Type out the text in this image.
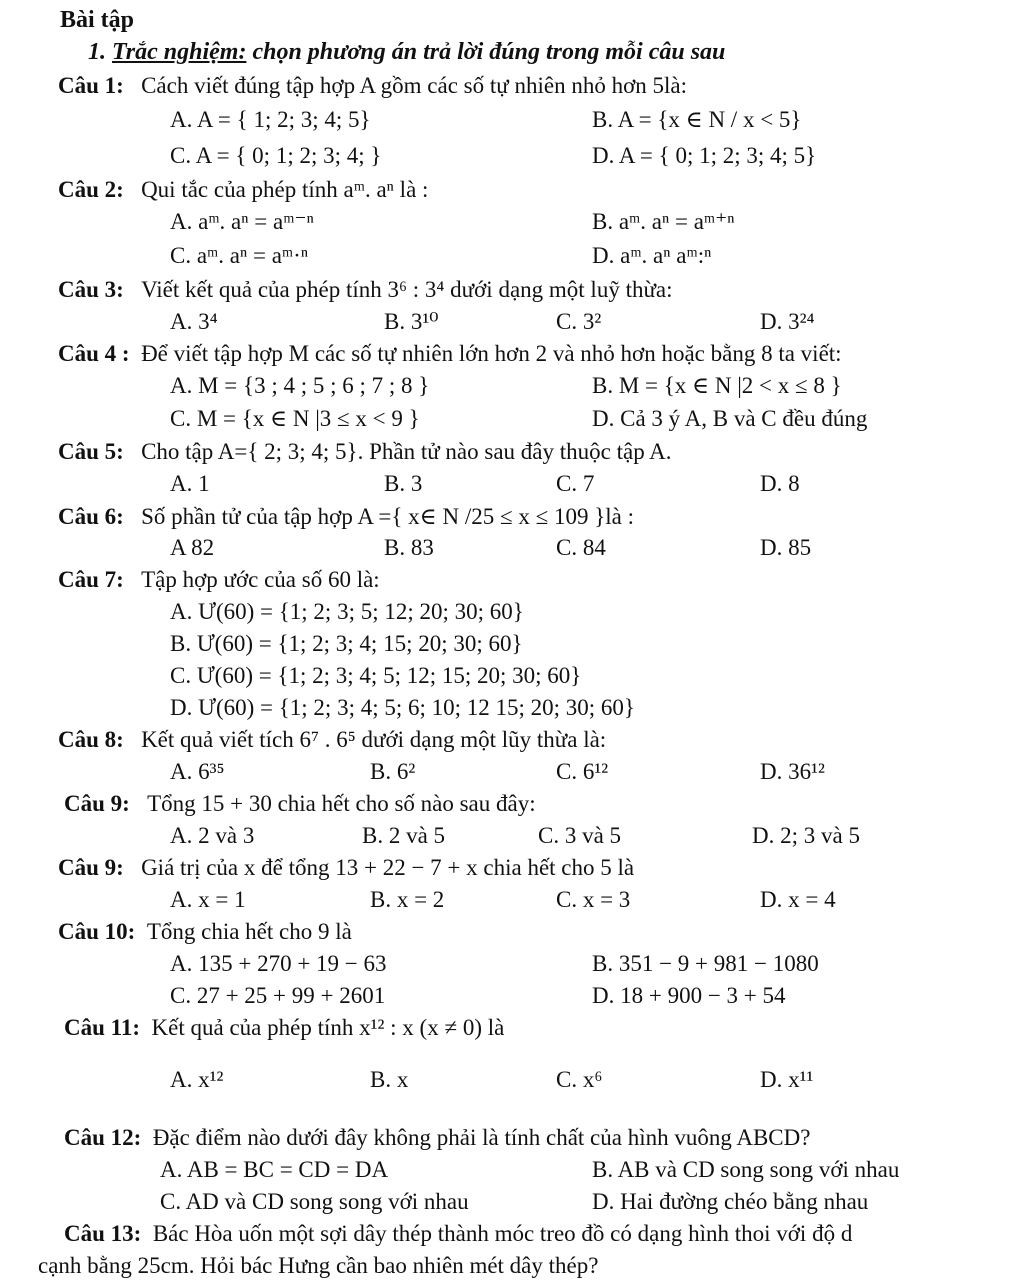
Bài tập
1. Trắc nghiệm: chọn phương án trả lời đúng trong mỗi câu sau
Câu 1: Cách viết đúng tập hợp A gồm các số tự nhiên nhỏ hơn 5là:
A. A = { 1; 2; 3; 4; 5}	B. A = {x ∈ N / x < 5}
C. A = { 0; 1; 2; 3; 4; }	D. A = { 0; 1; 2; 3; 4; 5}
Câu 2: Qui tắc của phép tính aᵐ. aⁿ là :
A. aᵐ. aⁿ = aᵐ⁻ⁿ	B. aᵐ. aⁿ = aᵐ⁺ⁿ
C. aᵐ. aⁿ = aᵐ·ⁿ	D. aᵐ. aⁿ aᵐ:ⁿ
Câu 3: Viết kết quả của phép tính 3⁶ : 3⁴ dưới dạng một luỹ thừa:
A. 3⁴	B. 3¹⁰	C. 3²	D. 3²⁴
Câu 4 : Để viết tập hợp M các số tự nhiên lớn hơn 2 và nhỏ hơn hoặc bằng 8 ta viết:
A. M = {3 ; 4 ; 5 ; 6 ; 7 ; 8 }	B. M = {x ∈ N |2 < x ≤ 8 }
C. M = {x ∈ N |3 ≤ x < 9 }	D. Cả 3 ý A, B và C đều đúng
Câu 5: Cho tập A={ 2; 3; 4; 5}. Phần tử nào sau đây thuộc tập A.
A. 1	B. 3	C. 7	D. 8
Câu 6: Số phần tử của tập hợp A ={ x∈ N /25 ≤ x ≤ 109 }là :
A 82	B. 83	C. 84	D. 85
Câu 7: Tập hợp ước của số 60 là:
A. Ư(60) = {1; 2; 3; 5; 12; 20; 30; 60}
B. Ư(60) = {1; 2; 3; 4; 15; 20; 30; 60}
C. Ư(60) = {1; 2; 3; 4; 5; 12; 15; 20; 30; 60}
D. Ư(60) = {1; 2; 3; 4; 5; 6; 10; 12 15; 20; 30; 60}
Câu 8: Kết quả viết tích 6⁷ . 6⁵ dưới dạng một lũy thừa là:
A. 6³⁵	B. 6²	C. 6¹²	D. 36¹²
Câu 9: Tổng 15 + 30 chia hết cho số nào sau đây:
A. 2 và 3	B. 2 và 5	C. 3 và 5	D. 2; 3 và 5
Câu 9: Giá trị của x để tổng 13 + 22 − 7 + x chia hết cho 5 là
A. x = 1	B. x = 2	C. x = 3	D. x = 4
Câu 10: Tổng chia hết cho 9 là
A. 135 + 270 + 19 − 63	B. 351 − 9 + 981 − 1080
C. 27 + 25 + 99 + 2601	D. 18 + 900 − 3 + 54
Câu 11: Kết quả của phép tính x¹² : x (x ≠ 0) là
A. x¹²	B. x	C. x⁶	D. x¹¹
Câu 12: Đặc điểm nào dưới đây không phải là tính chất của hình vuông ABCD?
A. AB = BC = CD = DA	B. AB và CD song song với nhau
C. AD và CD song song với nhau	D. Hai đường chéo bằng nhau
Câu 13: Bác Hòa uốn một sợi dây thép thành móc treo đồ có dạng hình thoi với độ d
cạnh bằng 25cm. Hỏi bác Hưng cần bao nhiên mét dây thép?
